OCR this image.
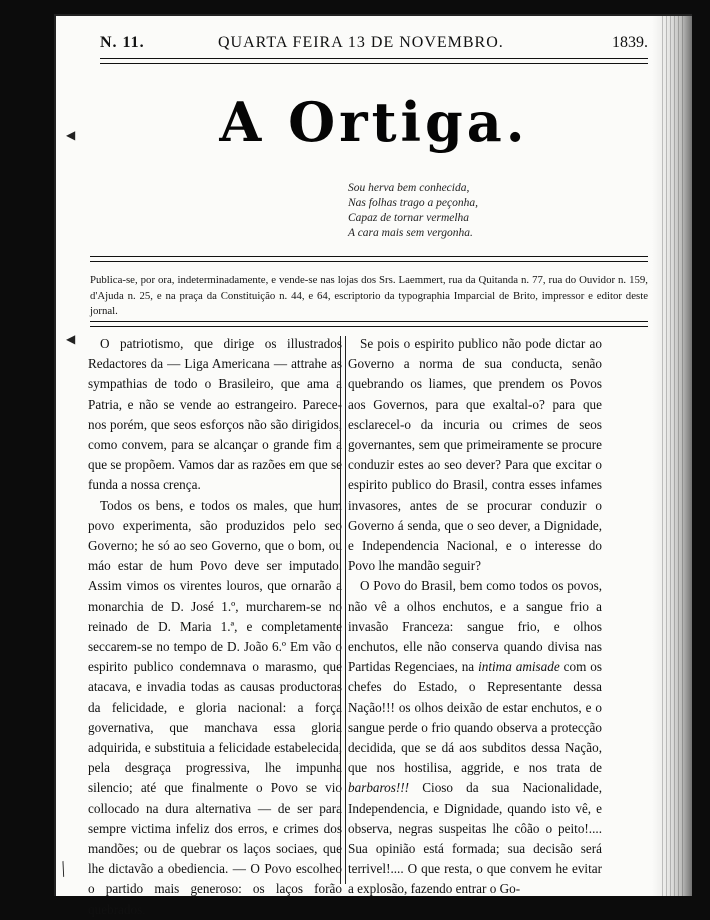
N. 11.	QUARTA FEIRA 13 DE NOVEMBRO.	1839.
A Ortiga.
Sou herva bem conhecida,
Nas folhas trago a peçonha,
Capaz de tornar vermelha
A cara mais sem vergonha.
Publica-se, por ora, indeterminadamente, e vende-se nas lojas dos Srs. Laemmert, rua da Quitanda n. 77, rua do Ouvidor n. 159, d'Ajuda n. 25, e na praça da Constituição n. 44, e 64, escriptorio da typographia Imparcial de Brito, impressor e editor deste jornal.

O patriotismo, que dirige os illustrados Redactores da — Liga Americana — attrahe as sympathias de todo o Brasileiro, que ama a Patria, e não se vende ao estrangeiro. Parece-nos porém, que seos esforços não são dirigidos, como convem, para se alcançar o grande fim a que se propõem. Vamos dar as razões em que se funda a nossa crença.

Todos os bens, e todos os males, que hum povo experimenta, são produzidos pelo seo Governo; he só ao seo Governo, que o bom, ou máo estar de hum Povo deve ser imputado. Assim vimos os virentes louros, que ornarão a monarchia de D. José 1.º, murcharem-se no reinado de D. Maria 1.ª, e completamente seccarem-se no tempo de D. João 6.º Em vão o espirito publico condemnava o marasmo, que atacava, e invadia todas as causas productoras da felicidade, e gloria nacional: a força governativa, que manchava essa gloria adquirida, e substituia a felicidade estabelecida, pela desgraça progressiva, lhe impunha silencio; até que finalmente o Povo se vio collocado na dura alternativa — de ser para sempre victima infeliz dos erros, e crimes dos mandões; ou de quebrar os laços sociaes, que lhe dictavão a obediencia. — O Povo escolheo o partido mais generoso: os laços forão quebrados.

Se pois o espirito publico não pode dictar ao Governo a norma de sua conducta, senão quebrando os liames, que prendem os Povos aos Governos, para que exaltal-o? para que esclarecel-o da incuria ou crimes de seos governantes, sem que primeiramente se procure conduzir estes ao seo dever? Para que excitar o espirito publico do Brasil, contra esses infames invasores, antes de se procurar conduzir o Governo á senda, que o seo dever, a Dignidade, e Independencia Nacional, e o interesse do Povo lhe mandão seguir?

O Povo do Brasil, bem como todos os povos, não vê a olhos enchutos, e a sangue frio a invasão Franceza: sangue frio, e olhos enchutos, elle não conserva quando divisa nas Partidas Regenciaes, na intima amisade com os chefes do Estado, o Representante dessa Nação!!! os olhos deixão de estar enchutos, e o sangue perde o frio quando observa a protecção decidida, que se dá aos subditos dessa Nação, que nos hostilisa, aggride, e nos trata de barbaros!!! Cioso da sua Nacionalidade, Independencia, e Dignidade, quando isto vê, e observa, negras suspeitas lhe côão o peito!.... Sua opinião está formada; sua decisão será terrivel!.... O que resta, o que convem he evitar a explosão, fazendo entrar o Go-

◀
◀
╱
